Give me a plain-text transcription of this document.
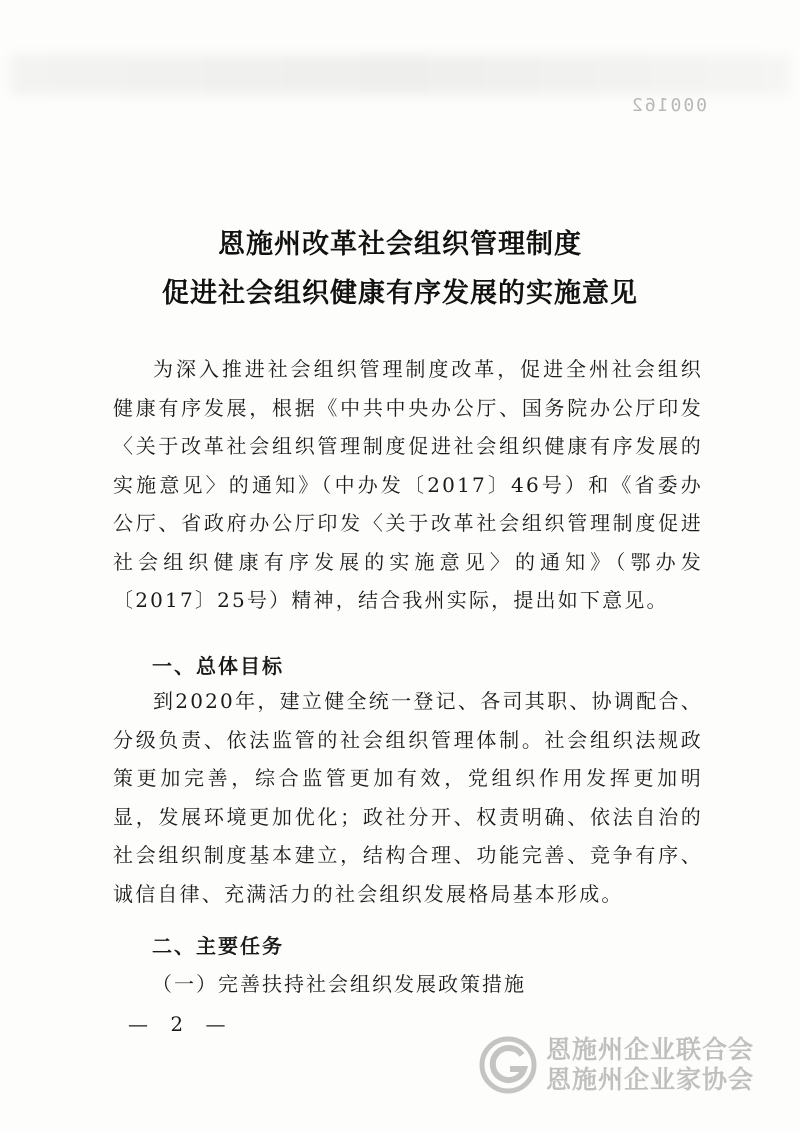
000162
恩施州改革社会组织管理制度
促进社会组织健康有序发展的实施意见
为深入推进社会组织管理制度改革，促进全州社会组织健康有序发展，根据《中共中央办公厅、国务院办公厅印发〈关于改革社会组织管理制度促进社会组织健康有序发展的实施意见〉的通知》（中办发〔2017〕46号）和《省委办公厅、省政府办公厅印发〈关于改革社会组织管理制度促进社会组织健康有序发展的实施意见〉的通知》（鄂办发〔2017〕25号）精神，结合我州实际，提出如下意见。
一、总体目标
到2020年，建立健全统一登记、各司其职、协调配合、分级负责、依法监管的社会组织管理体制。社会组织法规政策更加完善，综合监管更加有效，党组织作用发挥更加明显，发展环境更加优化；政社分开、权责明确、依法自治的社会组织制度基本建立，结构合理、功能完善、竞争有序、诚信自律、充满活力的社会组织发展格局基本形成。
二、主要任务
（一）完善扶持社会组织发展政策措施
— 2 —
恩施州企业联合会
恩施州企业家协会
